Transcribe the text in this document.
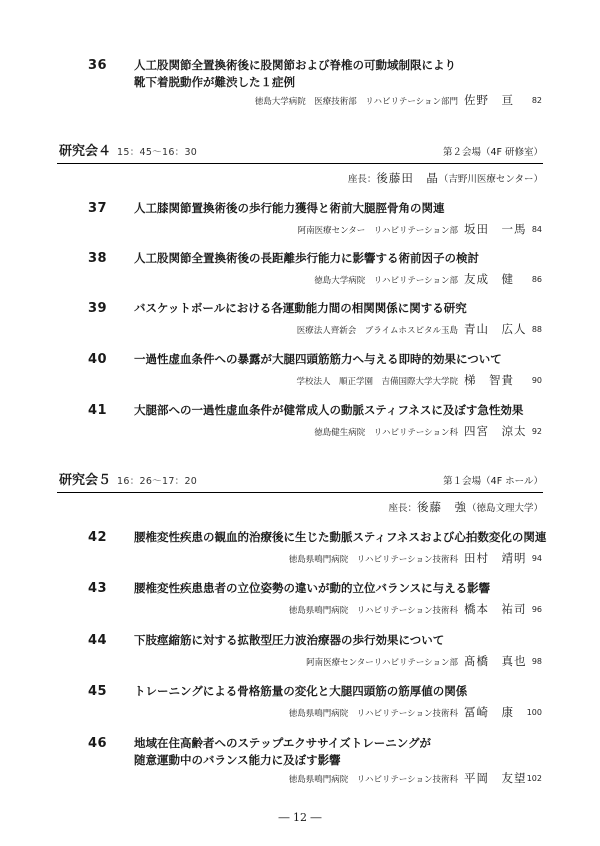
36	人工股関節全置換術後に股関節および脊椎の可動域制限により
靴下着脱動作が難渋した１症例
徳島大学病院　医療技術部　リハビリテーション部門 佐野　亘	82
研究会４ 15：45～16：30	第２会場（4F 研修室）
座長：後藤田　晶（吉野川医療センター）
37	人工膝関節置換術後の歩行能力獲得と術前大腿脛骨角の関連
阿南医療センター　リハビリテーション部 坂田　一馬 84
38	人工股関節全置換術後の長距離歩行能力に影響する術前因子の検討
徳島大学病院　リハビリテーション部 友成　健	86
39	バスケットボールにおける各運動能力間の相関関係に関する研究
医療法人齊新会　ブライムホスピタル玉島 青山　広人 88
40	一過性虚血条件への暴露が大腿四頭筋筋力へ与える即時的効果について
学校法人　順正学園　吉備国際大学大学院 梯　智貴	90
41	大腿部への一過性虚血条件が健常成人の動脈スティフネスに及ぼす急性効果
徳島健生病院　リハビリテーション科 四宮　涼太 92
研究会５ 16：26～17：20	第１会場（4F ホール）
座長：後藤　強（徳島文理大学）
42	腰椎変性疾患の観血的治療後に生じた動脈スティフネスおよび心拍数変化の関連
徳島県鳴門病院　リハビリテーション技術科 田村　靖明 94
43	腰椎変性疾患患者の立位姿勢の違いが動的立位バランスに与える影響
徳島県鳴門病院　リハビリテーション技術科 橋本　祐司 96
44	下肢痙縮筋に対する拡散型圧力波治療器の歩行効果について
阿南医療センターリハビリテーション部 髙橋　真也 98
45	トレーニングによる骨格筋量の変化と大腿四頭筋の筋厚値の関係
徳島県鳴門病院　リハビリテーション技術科 冨崎　康	100
46	地域在住高齢者へのステップエクササイズトレーニングが
随意運動中のバランス能力に及ぼす影響
徳島県鳴門病院　リハビリテーション技術科 平岡　友望 102
― 12 ―
